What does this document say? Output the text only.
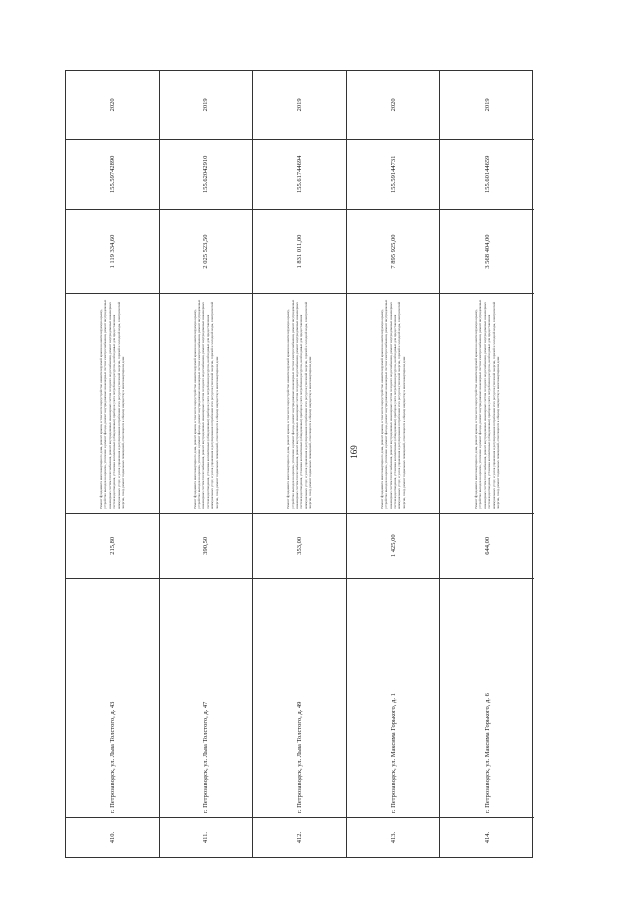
169
410.
г. Петрозаводск, ул. Льва Толстого, д. 43
215,80
Ремонт фундамента многоквартирного дома, ремонт крыши, в том числе переустройство невентилируемой крыши на вентилируемую крышу, устройство выходов на кровлю, утепление и ремонт фасада, ремонт внутридомовых инженерных систем электроснабжения, ремонт внутридомовых инженерных систем теплоснабжения, ремонт внутридомовых инженерных систем холодного водоснабжения, ремонт внутридомовых инженерных систем водоотведения, установка коллективных (общедомовых) приборов учета потребления ресурсов, необходимых для предоставления коммунальных услуг, и узлов управления и регулирования потребления этих ресурсов (тепловой энергии, горячей и холодной воды, электрической энергии, газа), ремонт подвальных помещений, относящихся к общему имуществу в многоквартирном доме
1 119 334,60
155.59742890
2020
411.
г. Петрозаводск, ул. Льва Толстого, д. 47
390,50
Ремонт фундамента многоквартирного дома, ремонт крыши, в том числе переустройство невентилируемой крыши на вентилируемую крышу, устройство выходов на кровлю, утепление и ремонт фасада, ремонт внутридомовых инженерных систем электроснабжения, ремонт внутридомовых инженерных систем теплоснабжения, ремонт внутридомовых инженерных систем холодного водоснабжения, ремонт внутридомовых инженерных систем водоотведения, установка коллективных (общедомовых) приборов учета потребления ресурсов, необходимых для предоставления коммунальных услуг, и узлов управления и регулирования потребления этих ресурсов (тепловой энергии, горячей и холодной воды, электрической энергии, газа), ремонт подвальных помещений, относящихся к общему имуществу в многоквартирном доме
2 025 523,50
155.62042910
2019
412.
г. Петрозаводск, ул. Льва Толстого, д. 49
353,00
Ремонт фундамента многоквартирного дома, ремонт крыши, в том числе переустройство невентилируемой крыши на вентилируемую крышу, устройство выходов на кровлю, утепление и ремонт фасада, ремонт внутридомовых инженерных систем электроснабжения, ремонт внутридомовых инженерных систем теплоснабжения, ремонт внутридомовых инженерных систем холодного водоснабжения, ремонт внутридомовых инженерных систем водоотведения, установка коллективных (общедомовых) приборов учета потребления ресурсов, необходимых для предоставления коммунальных услуг, и узлов управления и регулирования потребления этих ресурсов (тепловой энергии, горячей и холодной воды, электрической энергии, газа), ремонт подвальных помещений, относящихся к общему имуществу в многоквартирном доме
1 831 011,00
155.61744694
2019
413.
г. Петрозаводск, ул. Максима Горького, д. 1
1 425,00
Ремонт фундамента многоквартирного дома, ремонт крыши, в том числе переустройство невентилируемой крыши на вентилируемую крышу, устройство выходов на кровлю, утепление и ремонт фасада, ремонт внутридомовых инженерных систем электроснабжения, ремонт внутридомовых инженерных систем теплоснабжения, ремонт внутридомовых инженерных систем холодного водоснабжения, ремонт внутридомовых инженерных систем водоотведения, установка коллективных (общедомовых) приборов учета потребления ресурсов, необходимых для предоставления коммунальных услуг, и узлов управления и регулирования потребления этих ресурсов (тепловой энергии, горячей и холодной воды, электрической энергии, газа), ремонт подвальных помещений, относящихся к общему имуществу в многоквартирном доме
7 895 925,00
155.59144731
2020
414.
г. Петрозаводск, ул. Максима Горького, д. 6
644,00
Ремонт фундамента многоквартирного дома, ремонт крыши, в том числе переустройство невентилируемой крыши на вентилируемую крышу, устройство выходов на кровлю, утепление и ремонт фасада, ремонт внутридомовых инженерных систем электроснабжения, ремонт внутридомовых инженерных систем теплоснабжения, ремонт внутридомовых инженерных систем холодного водоснабжения, ремонт внутридомовых инженерных систем водоотведения, установка коллективных (общедомовых) приборов учета потребления ресурсов, необходимых для предоставления коммунальных услуг, и узлов управления и регулирования потребления этих ресурсов (тепловой энергии, горячей и холодной воды, электрической энергии, газа), ремонт подвальных помещений, относящихся к общему имуществу в многоквартирном доме
3 568 404,00
155.60144659
2019
